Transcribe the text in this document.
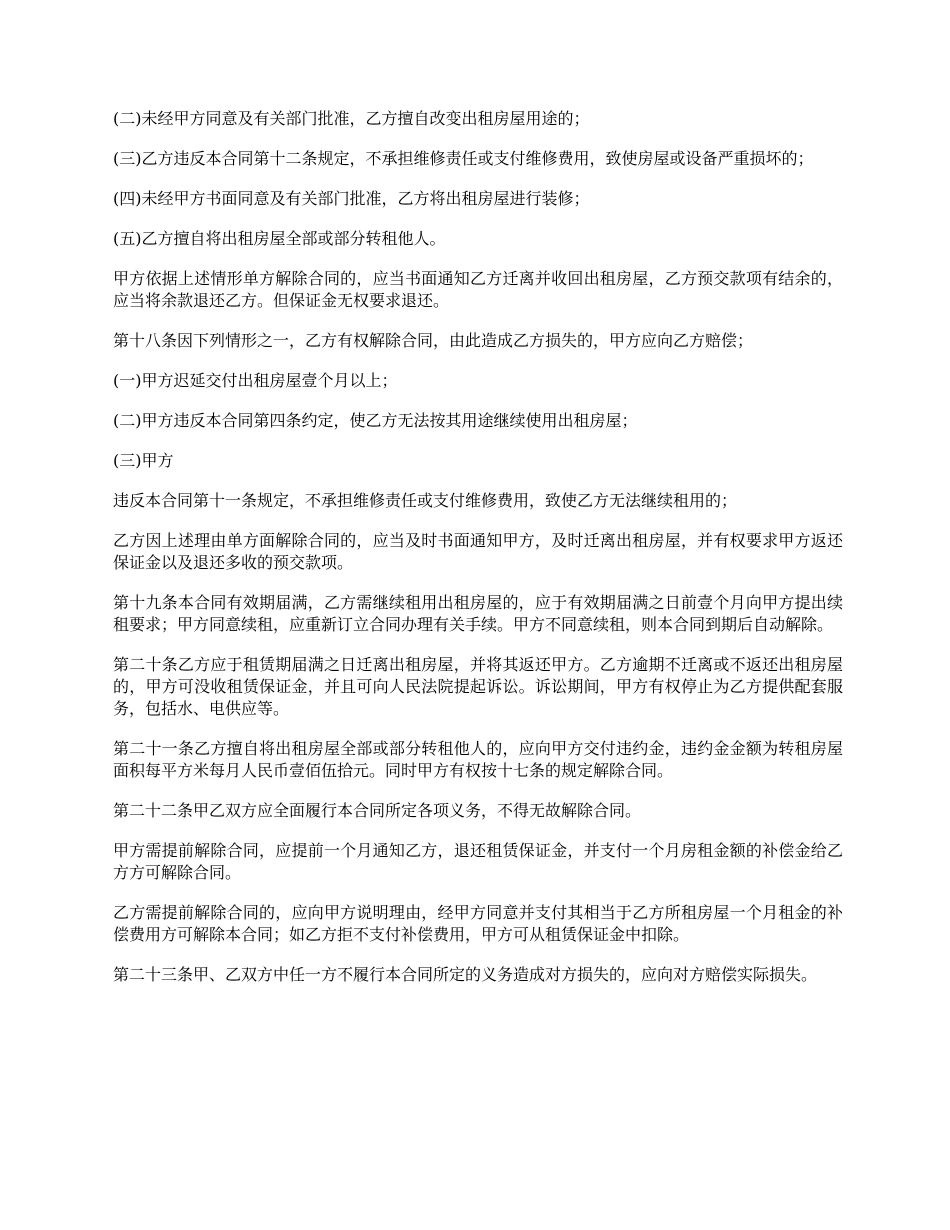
(二)未经甲方同意及有关部门批准，乙方擅自改变出租房屋用途的；

(三)乙方违反本合同第十二条规定，不承担维修责任或支付维修费用，致使房屋或设备严重损坏的；

(四)未经甲方书面同意及有关部门批准，乙方将出租房屋进行装修；

(五)乙方擅自将出租房屋全部或部分转租他人。

甲方依据上述情形单方解除合同的，应当书面通知乙方迁离并收回出租房屋，乙方预交款项有结余的，应当将余款退还乙方。但保证金无权要求退还。

第十八条因下列情形之一，乙方有权解除合同，由此造成乙方损失的，甲方应向乙方赔偿；

(一)甲方迟延交付出租房屋壹个月以上；

(二)甲方违反本合同第四条约定，使乙方无法按其用途继续使用出租房屋；

(三)甲方

违反本合同第十一条规定，不承担维修责任或支付维修费用，致使乙方无法继续租用的；

乙方因上述理由单方面解除合同的，应当及时书面通知甲方，及时迁离出租房屋，并有权要求甲方返还保证金以及退还多收的预交款项。

第十九条本合同有效期届满，乙方需继续租用出租房屋的，应于有效期届满之日前壹个月向甲方提出续租要求；甲方同意续租，应重新订立合同办理有关手续。甲方不同意续租，则本合同到期后自动解除。

第二十条乙方应于租赁期届满之日迁离出租房屋，并将其返还甲方。乙方逾期不迁离或不返还出租房屋的，甲方可没收租赁保证金，并且可向人民法院提起诉讼。诉讼期间，甲方有权停止为乙方提供配套服务，包括水、电供应等。

第二十一条乙方擅自将出租房屋全部或部分转租他人的，应向甲方交付违约金，违约金金额为转租房屋面积每平方米每月人民币壹佰伍拾元。同时甲方有权按十七条的规定解除合同。

第二十二条甲乙双方应全面履行本合同所定各项义务，不得无故解除合同。

甲方需提前解除合同，应提前一个月通知乙方，退还租赁保证金，并支付一个月房租金额的补偿金给乙方方可解除合同。

乙方需提前解除合同的，应向甲方说明理由，经甲方同意并支付其相当于乙方所租房屋一个月租金的补偿费用方可解除本合同；如乙方拒不支付补偿费用，甲方可从租赁保证金中扣除。

第二十三条甲、乙双方中任一方不履行本合同所定的义务造成对方损失的，应向对方赔偿实际损失。
